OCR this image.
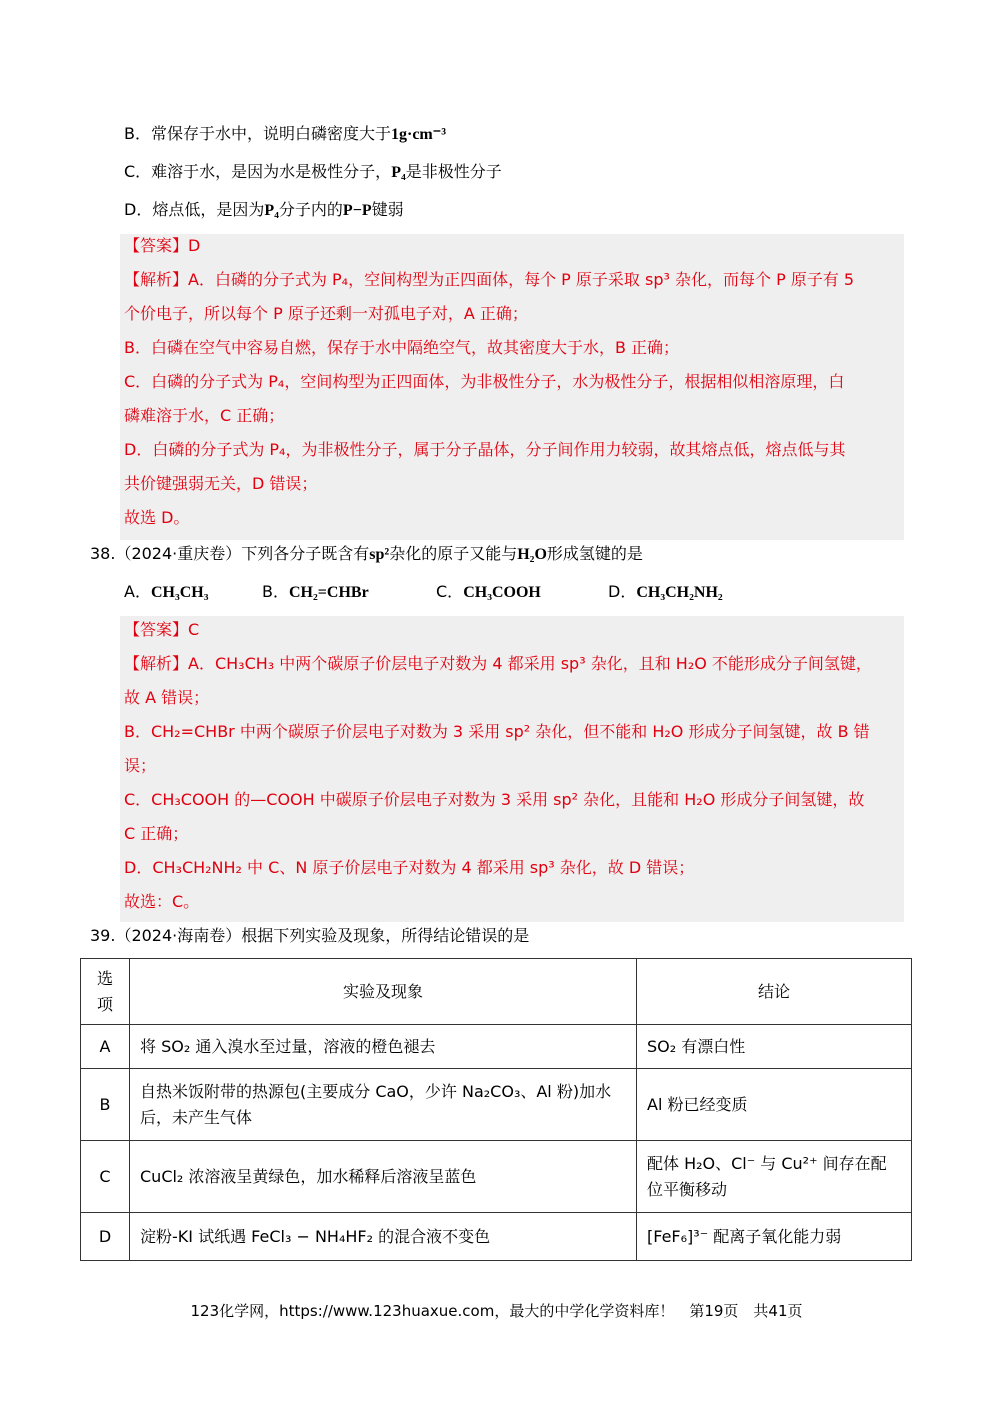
B．常保存于水中，说明白磷密度大于1g·cm⁻³
C．难溶于水，是因为水是极性分子，P₄是非极性分子
D．熔点低，是因为P₄分子内的P−P键弱
【答案】D
【解析】A．白磷的分子式为 P₄，空间构型为正四面体，每个 P 原子采取 sp³ 杂化，而每个 P 原子有 5
个价电子，所以每个 P 原子还剩一对孤电子对，A 正确；
B．白磷在空气中容易自燃，保存于水中隔绝空气，故其密度大于水，B 正确；
C．白磷的分子式为 P₄，空间构型为正四面体，为非极性分子，水为极性分子，根据相似相溶原理，白
磷难溶于水，C 正确；
D．白磷的分子式为 P₄，为非极性分子，属于分子晶体，分子间作用力较弱，故其熔点低，熔点低与其
共价键强弱无关，D 错误；
故选 D。
38.（2024·重庆卷）下列各分子既含有sp²杂化的原子又能与H₂O形成氢键的是
A．CH₃CH₃	B．CH₂=CHBr	C．CH₃COOH	D．CH₃CH₂NH₂
【答案】C
【解析】A．CH₃CH₃ 中两个碳原子价层电子对数为 4 都采用 sp³ 杂化，且和 H₂O 不能形成分子间氢键，
故 A 错误；
B．CH₂=CHBr 中两个碳原子价层电子对数为 3 采用 sp² 杂化，但不能和 H₂O 形成分子间氢键，故 B 错
误；
C．CH₃COOH 的—COOH 中碳原子价层电子对数为 3 采用 sp² 杂化，且能和 H₂O 形成分子间氢键，故
C 正确；
D．CH₃CH₂NH₂ 中 C、N 原子价层电子对数为 4 都采用 sp³ 杂化，故 D 错误；
故选：C。
39.（2024·海南卷）根据下列实验及现象，所得结论错误的是
选项	实验及现象	结论
A	将 SO₂ 通入溴水至过量，溶液的橙色褪去	SO₂ 有漂白性
B	自热米饭附带的热源包(主要成分 CaO，少许 Na₂CO₃、Al 粉)加水后，未产生气体	Al 粉已经变质
C	CuCl₂ 浓溶液呈黄绿色，加水稀释后溶液呈蓝色	配体 H₂O、Cl⁻ 与 Cu²⁺ 间存在配位平衡移动
D	淀粉-KI 试纸遇 FeCl₃ − NH₄HF₂ 的混合液不变色	[FeF₆]³⁻ 配离子氧化能力弱
123化学网，https://www.123huaxue.com，最大的中学化学资料库！　第19页　共41页
